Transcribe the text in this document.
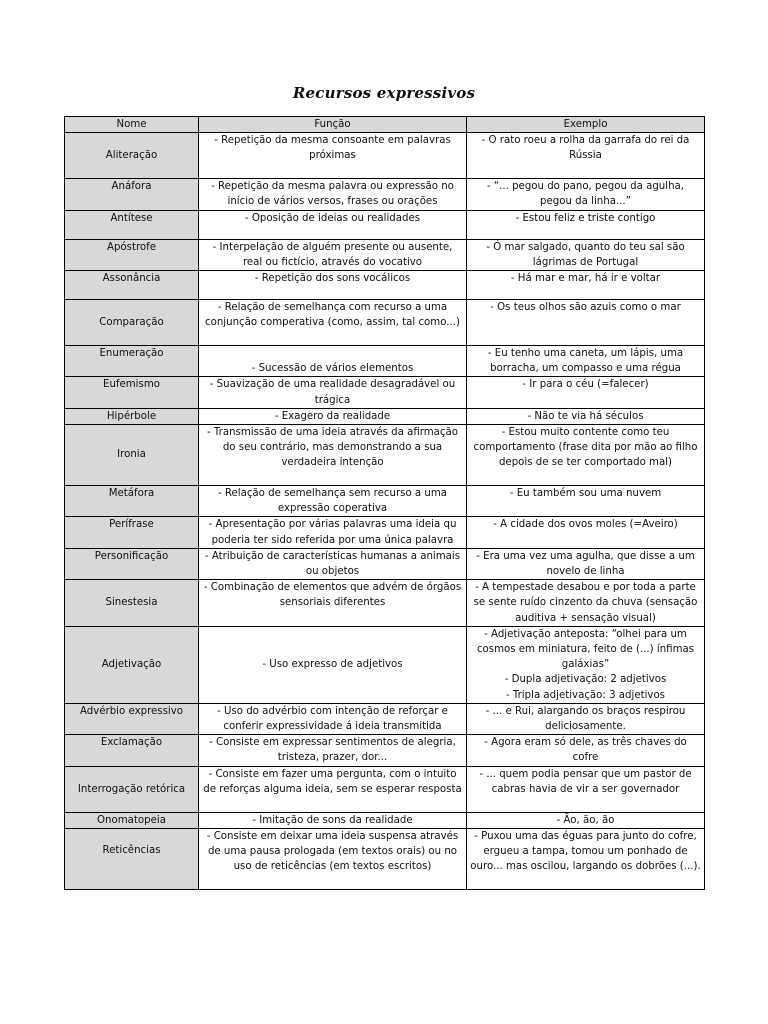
Recursos expressivos
Nome	Função	Exemplo
Aliteração	- Repetição da mesma consoante em palavras próximas	- O rato roeu a rolha da garrafa do rei da Rússia
Anáfora	- Repetição da mesma palavra ou expressão no início de vários versos, frases ou orações	- “... pegou do pano, pegou da agulha, pegou da linha...”
Antítese	- Oposição de ideias ou realidades	- Estou feliz e triste contigo
Apóstrofe	- Interpelação de alguém presente ou ausente, real ou fictício, através do vocativo	- Ó mar salgado, quanto do teu sal são lágrimas de Portugal
Assonância	- Repetição dos sons vocálicos	- Há mar e mar, há ir e voltar
Comparação	- Relação de semelhança com recurso a uma conjunção comperativa (como, assim, tal como...)	- Os teus olhos são azuis como o mar
Enumeração	- Sucessão de vários elementos	- Eu tenho uma caneta, um lápis, uma borracha, um compasso e uma régua
Eufemismo	- Suavização de uma realidade desagradável ou trágica	- Ir para o céu (=falecer)
Hipérbole	- Exagero da realidade	- Não te via há séculos
Ironia	- Transmissão de uma ideia através da afirmação do seu contrário, mas demonstrando a sua verdadeira intenção	- Estou muito contente como teu comportamento (frase dita por mão ao filho depois de se ter comportado mal)
Metáfora	- Relação de semelhança sem recurso a uma expressão coperativa	- Eu também sou uma nuvem
Perífrase	- Apresentação por várias palavras uma ideia qu poderia ter sido referida por uma única palavra	- A cidade dos ovos moles (=Aveiro)
Personificação	- Atribuição de características humanas a animais ou objetos	- Era uma vez uma agulha, que disse a um novelo de linha
Sinestesia	- Combinação de elementos que advém de órgãos sensoriais diferentes	- A tempestade desabou e por toda a parte se sente ruído cinzento da chuva (sensação auditiva + sensação visual)
Adjetivação	- Uso expresso de adjetivos	- Adjetivação anteposta: “olhei para um cosmos em miniatura, feito de (...) ínfimas galáxias”
- Dupla adjetivação: 2 adjetivos
- Tripla adjetivação: 3 adjetivos

Advérbio expressivo	- Uso do advérbio com intenção de reforçar e conferir expressividade á ideia transmitida	- ... e Rui, alargando os braços respirou deliciosamente.
Exclamação	- Consiste em expressar sentimentos de alegria, tristeza, prazer, dor...	- Agora eram só dele, as três chaves do cofre
Interrogação retórica	- Consiste em fazer uma pergunta, com o intuito de reforças alguma ideia, sem se esperar resposta	- ... quem podia pensar que um pastor de cabras havia de vir a ser governador
Onomatopeia	- Imitação de sons da realidade	- Ão, ão, ão
Reticências	- Consiste em deixar uma ideia suspensa através de uma pausa prologada (em textos orais) ou no uso de reticências (em textos escritos)	- Puxou uma das éguas para junto do cofre, ergueu a tampa, tomou um ponhado de ouro... mas oscilou, largando os dobrões (...).
